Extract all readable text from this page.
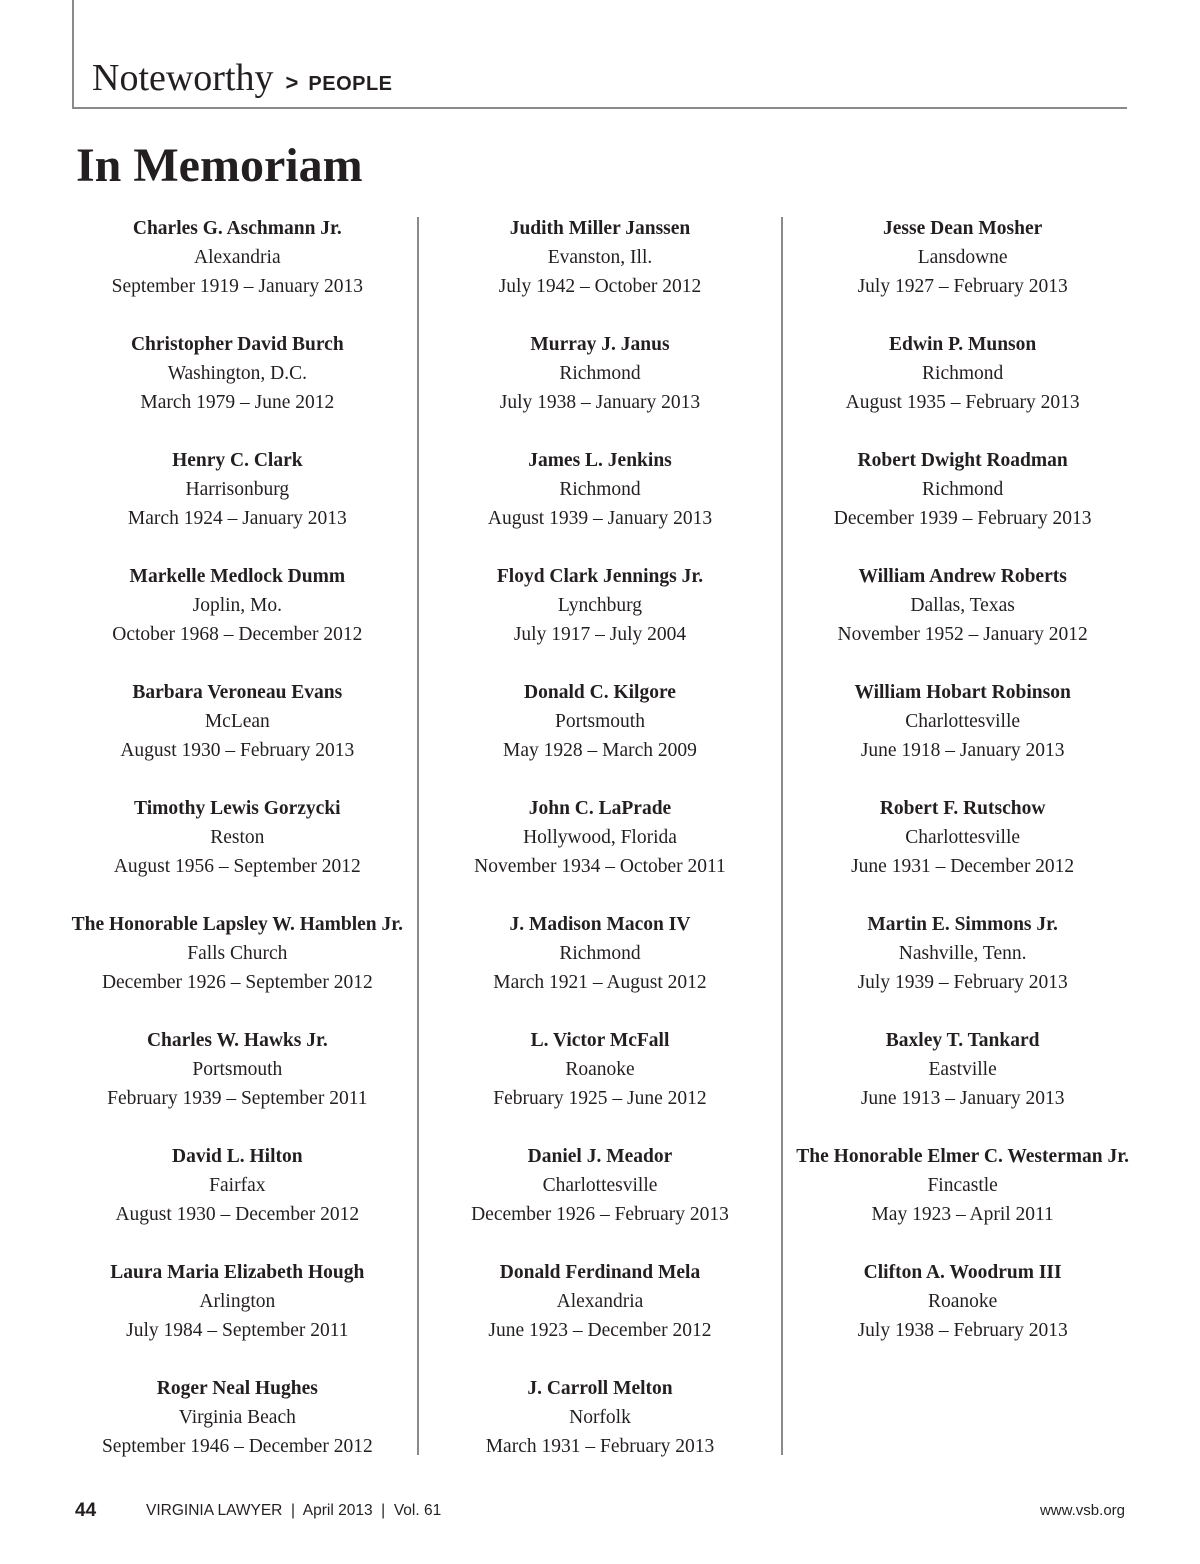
Noteworthy > PEOPLE
In Memoriam
Charles G. Aschmann Jr.
Alexandria
September 1919 – January 2013
Christopher David Burch
Washington, D.C.
March 1979 – June 2012
Henry C. Clark
Harrisonburg
March 1924 – January 2013
Markelle Medlock Dumm
Joplin, Mo.
October 1968 – December 2012
Barbara Veroneau Evans
McLean
August 1930 – February 2013
Timothy Lewis Gorzycki
Reston
August 1956 – September 2012
The Honorable Lapsley W. Hamblen Jr.
Falls Church
December 1926 – September 2012
Charles W. Hawks Jr.
Portsmouth
February 1939 – September 2011
David L. Hilton
Fairfax
August 1930 – December 2012
Laura Maria Elizabeth Hough
Arlington
July 1984 – September 2011
Roger Neal Hughes
Virginia Beach
September 1946 – December 2012
Judith Miller Janssen
Evanston, Ill.
July 1942 – October 2012
Murray J. Janus
Richmond
July 1938 – January 2013
James L. Jenkins
Richmond
August 1939 – January 2013
Floyd Clark Jennings Jr.
Lynchburg
July 1917 – July 2004
Donald C. Kilgore
Portsmouth
May 1928 – March 2009
John C. LaPrade
Hollywood, Florida
November 1934 – October 2011
J. Madison Macon IV
Richmond
March 1921 – August 2012
L. Victor McFall
Roanoke
February 1925 – June 2012
Daniel J. Meador
Charlottesville
December 1926 – February 2013
Donald Ferdinand Mela
Alexandria
June 1923 – December 2012
J. Carroll Melton
Norfolk
March 1931 – February 2013
Jesse Dean Mosher
Lansdowne
July 1927 – February 2013
Edwin P. Munson
Richmond
August 1935 – February 2013
Robert Dwight Roadman
Richmond
December 1939 – February 2013
William Andrew Roberts
Dallas, Texas
November 1952 – January 2012
William Hobart Robinson
Charlottesville
June 1918 – January 2013
Robert F. Rutschow
Charlottesville
June 1931 – December 2012
Martin E. Simmons Jr.
Nashville, Tenn.
July 1939 – February 2013
Baxley T. Tankard
Eastville
June 1913 – January 2013
The Honorable Elmer C. Westerman Jr.
Fincastle
May 1923 – April 2011
Clifton A. Woodrum III
Roanoke
July 1938 – February 2013
44	VIRGINIA LAWYER  |  April 2013  |  Vol. 61	www.vsb.org
